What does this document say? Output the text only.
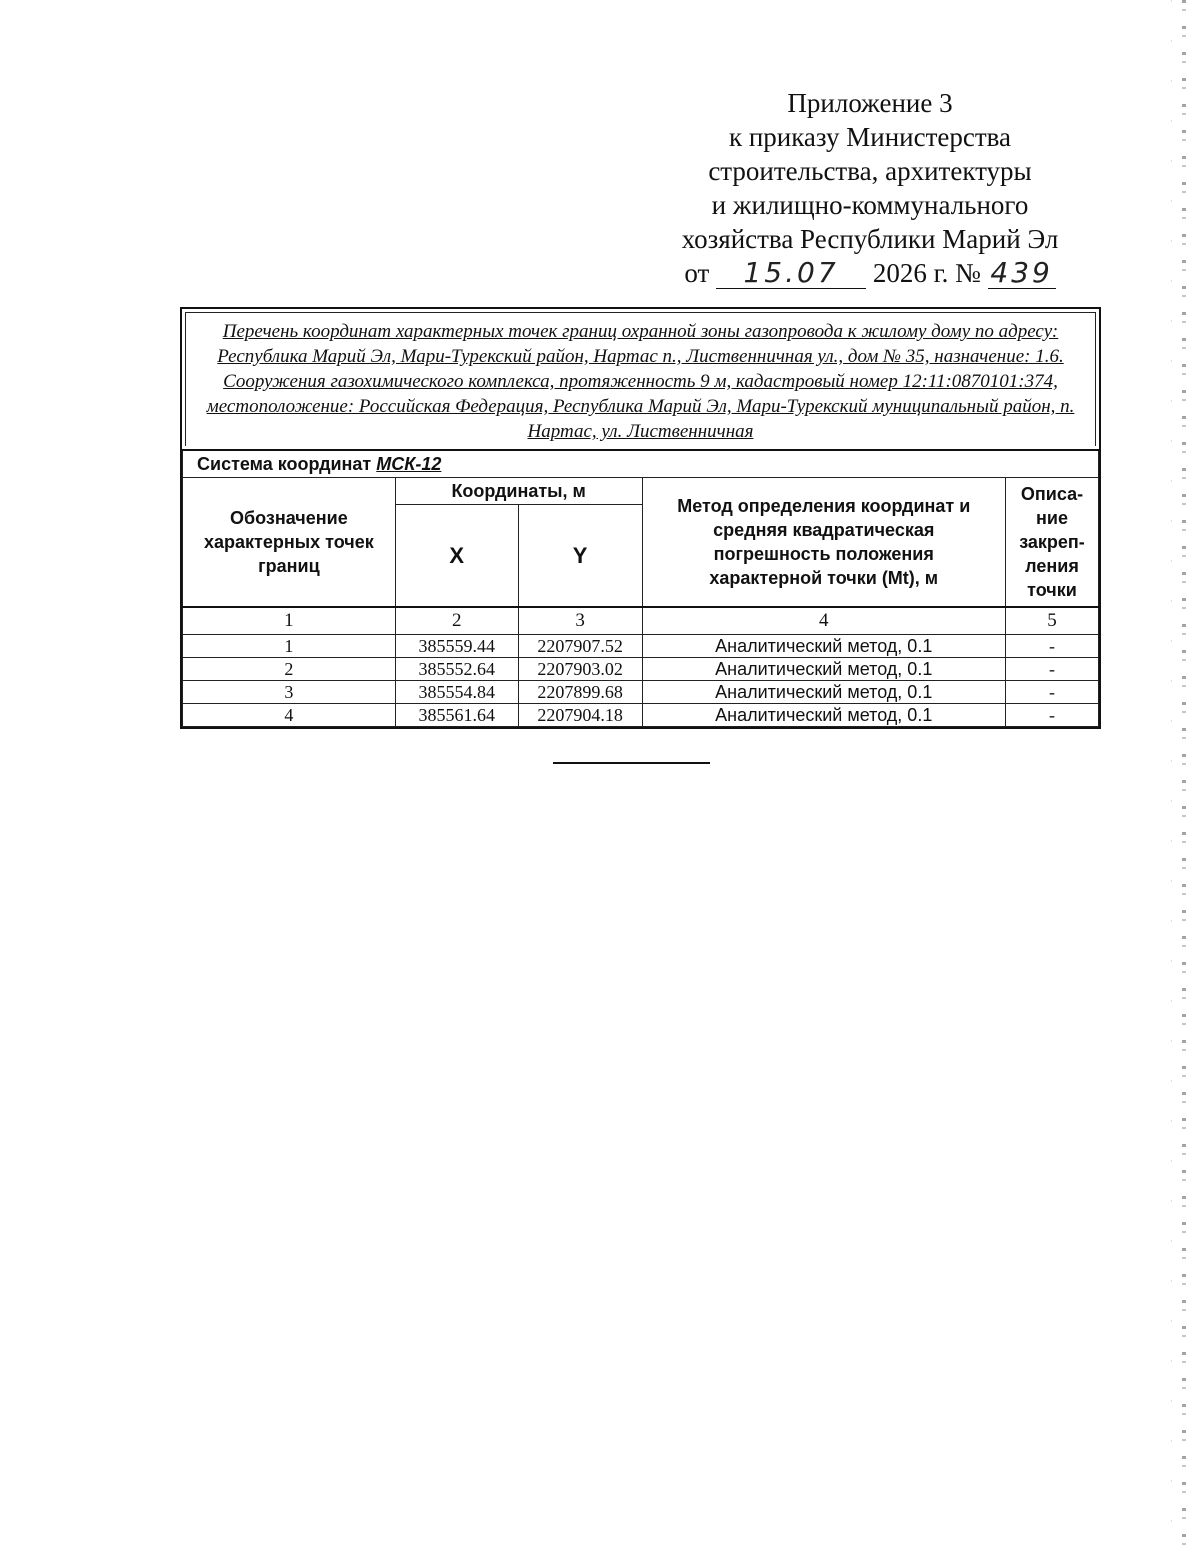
Приложение 3
к приказу Министерства
строительства, архитектуры
и жилищно-коммунального
хозяйства Республики Марий Эл
от 15.07 2026 г. № 439
Перечень координат характерных точек границ охранной зоны газопровода к жилому дому по адресу: Республика Марий Эл, Мари-Турекский район, Нартас п., Лиственничная ул., дом № 35, назначение: 1.6. Сооружения газохимического комплекса, протяженность 9 м, кадастровый номер 12:11:0870101:374, местоположение: Российская Федерация, Республика Марий Эл, Мари-Турекский муниципальный район, п. Нартас, ул. Лиственничная
Система координат МСК-12				
Обозначение характерных точек границ	Координаты, м		Метод определения координат и средняя квадратическая погрешность положения характерной точки (Mt), м	Описа-ние закреп-ления точки
	X	Y		
1	2	3	4	5
1	385559.44	2207907.52	Аналитический метод, 0.1	-
2	385552.64	2207903.02	Аналитический метод, 0.1	-
3	385554.84	2207899.68	Аналитический метод, 0.1	-
4	385561.64	2207904.18	Аналитический метод, 0.1	-
